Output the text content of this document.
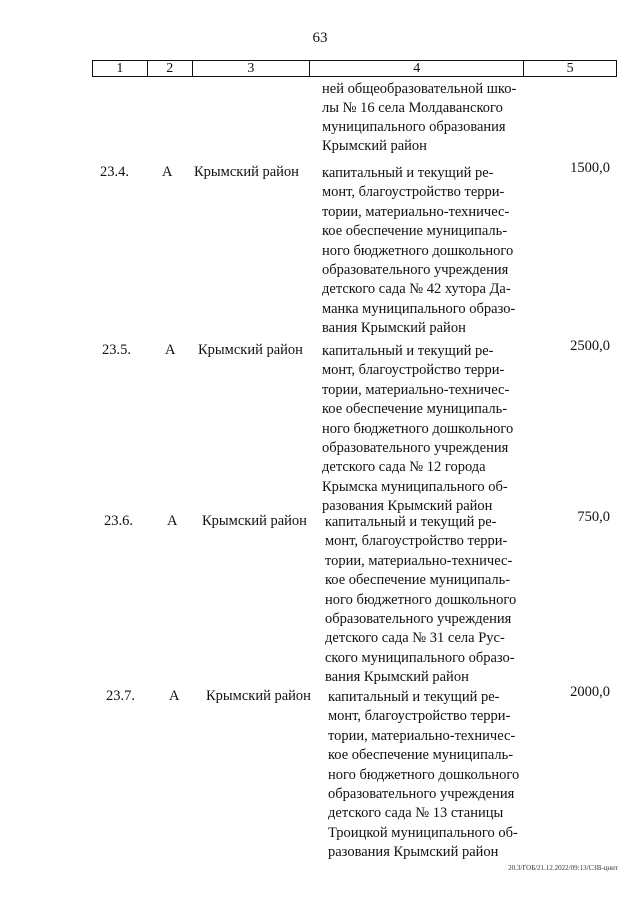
63
1	2	3	4	5
ней общеобразовательной шко-
лы № 16 села Молдаванского
муниципального образования
Крымский район
23.4.	А	Крымский район	капитальный и текущий ре-
монт, благоустройство терри-
тории, материально-техничес-
кое обеспечение муниципаль-
ного бюджетного дошкольного
образовательного учреждения
детского сада № 42 хутора Да-
манка муниципального образо-
вания Крымский район
1500,0
23.5.	А	Крымский район	капитальный и текущий ре-
монт, благоустройство терри-
тории, материально-техничес-
кое обеспечение муниципаль-
ного бюджетного дошкольного
образовательного учреждения
детского сада № 12 города
Крымска муниципального об-
разования Крымский район
2500,0
23.6.	А	Крымский район	капитальный и текущий ре-
монт, благоустройство терри-
тории, материально-техничес-
кое обеспечение муниципаль-
ного бюджетного дошкольного
образовательного учреждения
детского сада № 31 села Рус-
ского муниципального образо-
вания Крымский район
750,0
23.7.	А	Крымский район	капитальный и текущий ре-
монт, благоустройство терри-
тории, материально-техничес-
кое обеспечение муниципаль-
ного бюджетного дошкольного
образовательного учреждения
детского сада № 13 станицы
Троицкой муниципального об-
разования Крымский район
2000,0
20.3/ГОБ/21.12.2022/09:13/СЗВ-цнит
